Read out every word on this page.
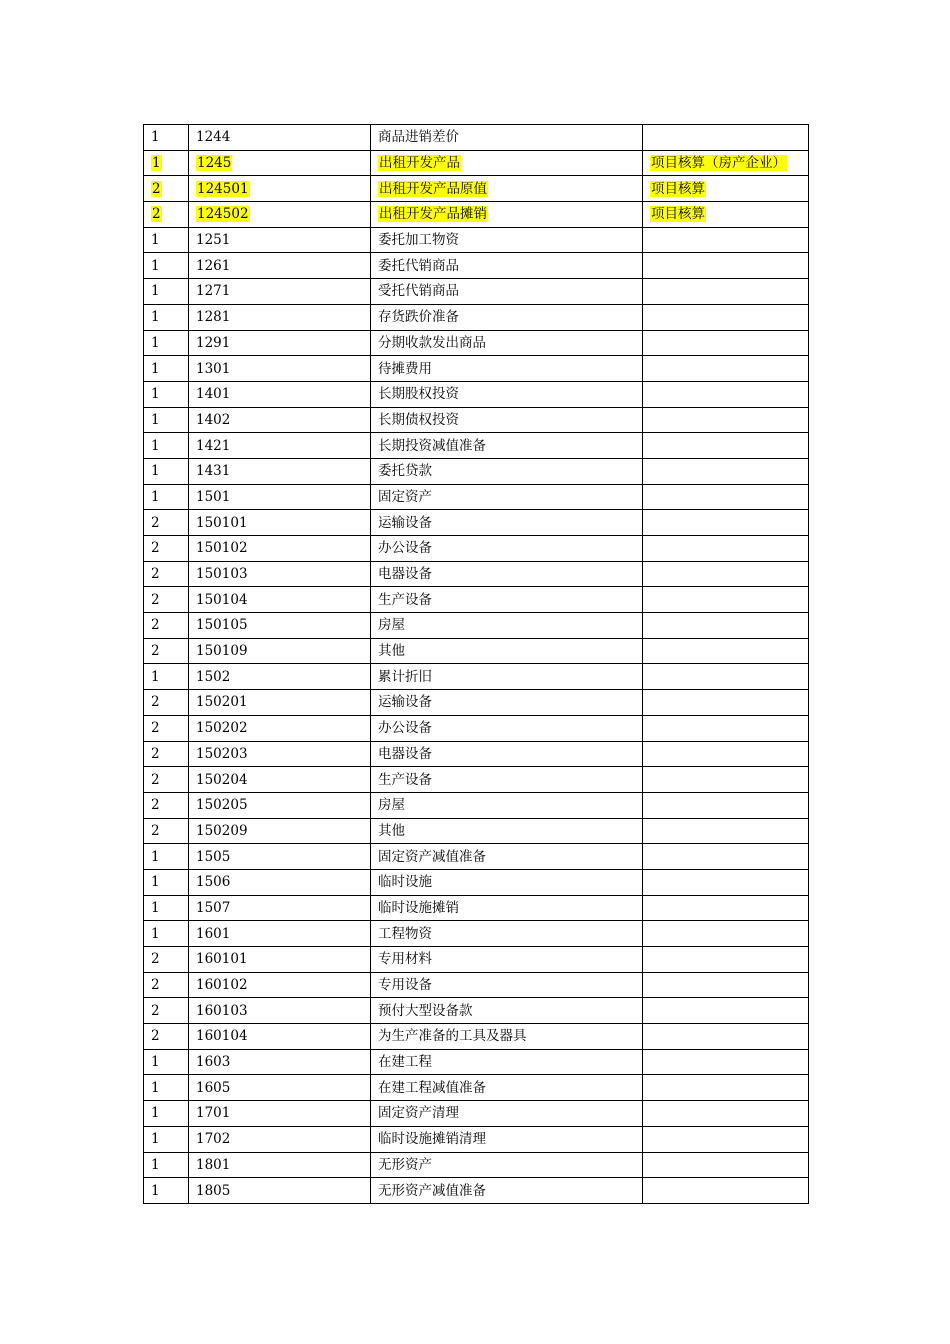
1	1244	商品进销差价	
1	1245	出租开发产品	项目核算（房产企业）
2	124501	出租开发产品原值	项目核算
2	124502	出租开发产品摊销	项目核算
1	1251	委托加工物资	
1	1261	委托代销商品	
1	1271	受托代销商品	
1	1281	存货跌价准备	
1	1291	分期收款发出商品	
1	1301	待摊费用	
1	1401	长期股权投资	
1	1402	长期债权投资	
1	1421	长期投资减值准备	
1	1431	委托贷款	
1	1501	固定资产	
2	150101	运输设备	
2	150102	办公设备	
2	150103	电器设备	
2	150104	生产设备	
2	150105	房屋	
2	150109	其他	
1	1502	累计折旧	
2	150201	运输设备	
2	150202	办公设备	
2	150203	电器设备	
2	150204	生产设备	
2	150205	房屋	
2	150209	其他	
1	1505	固定资产减值准备	
1	1506	临时设施	
1	1507	临时设施摊销	
1	1601	工程物资	
2	160101	专用材料	
2	160102	专用设备	
2	160103	预付大型设备款	
2	160104	为生产准备的工具及器具	
1	1603	在建工程	
1	1605	在建工程减值准备	
1	1701	固定资产清理	
1	1702	临时设施摊销清理	
1	1801	无形资产	
1	1805	无形资产减值准备	
